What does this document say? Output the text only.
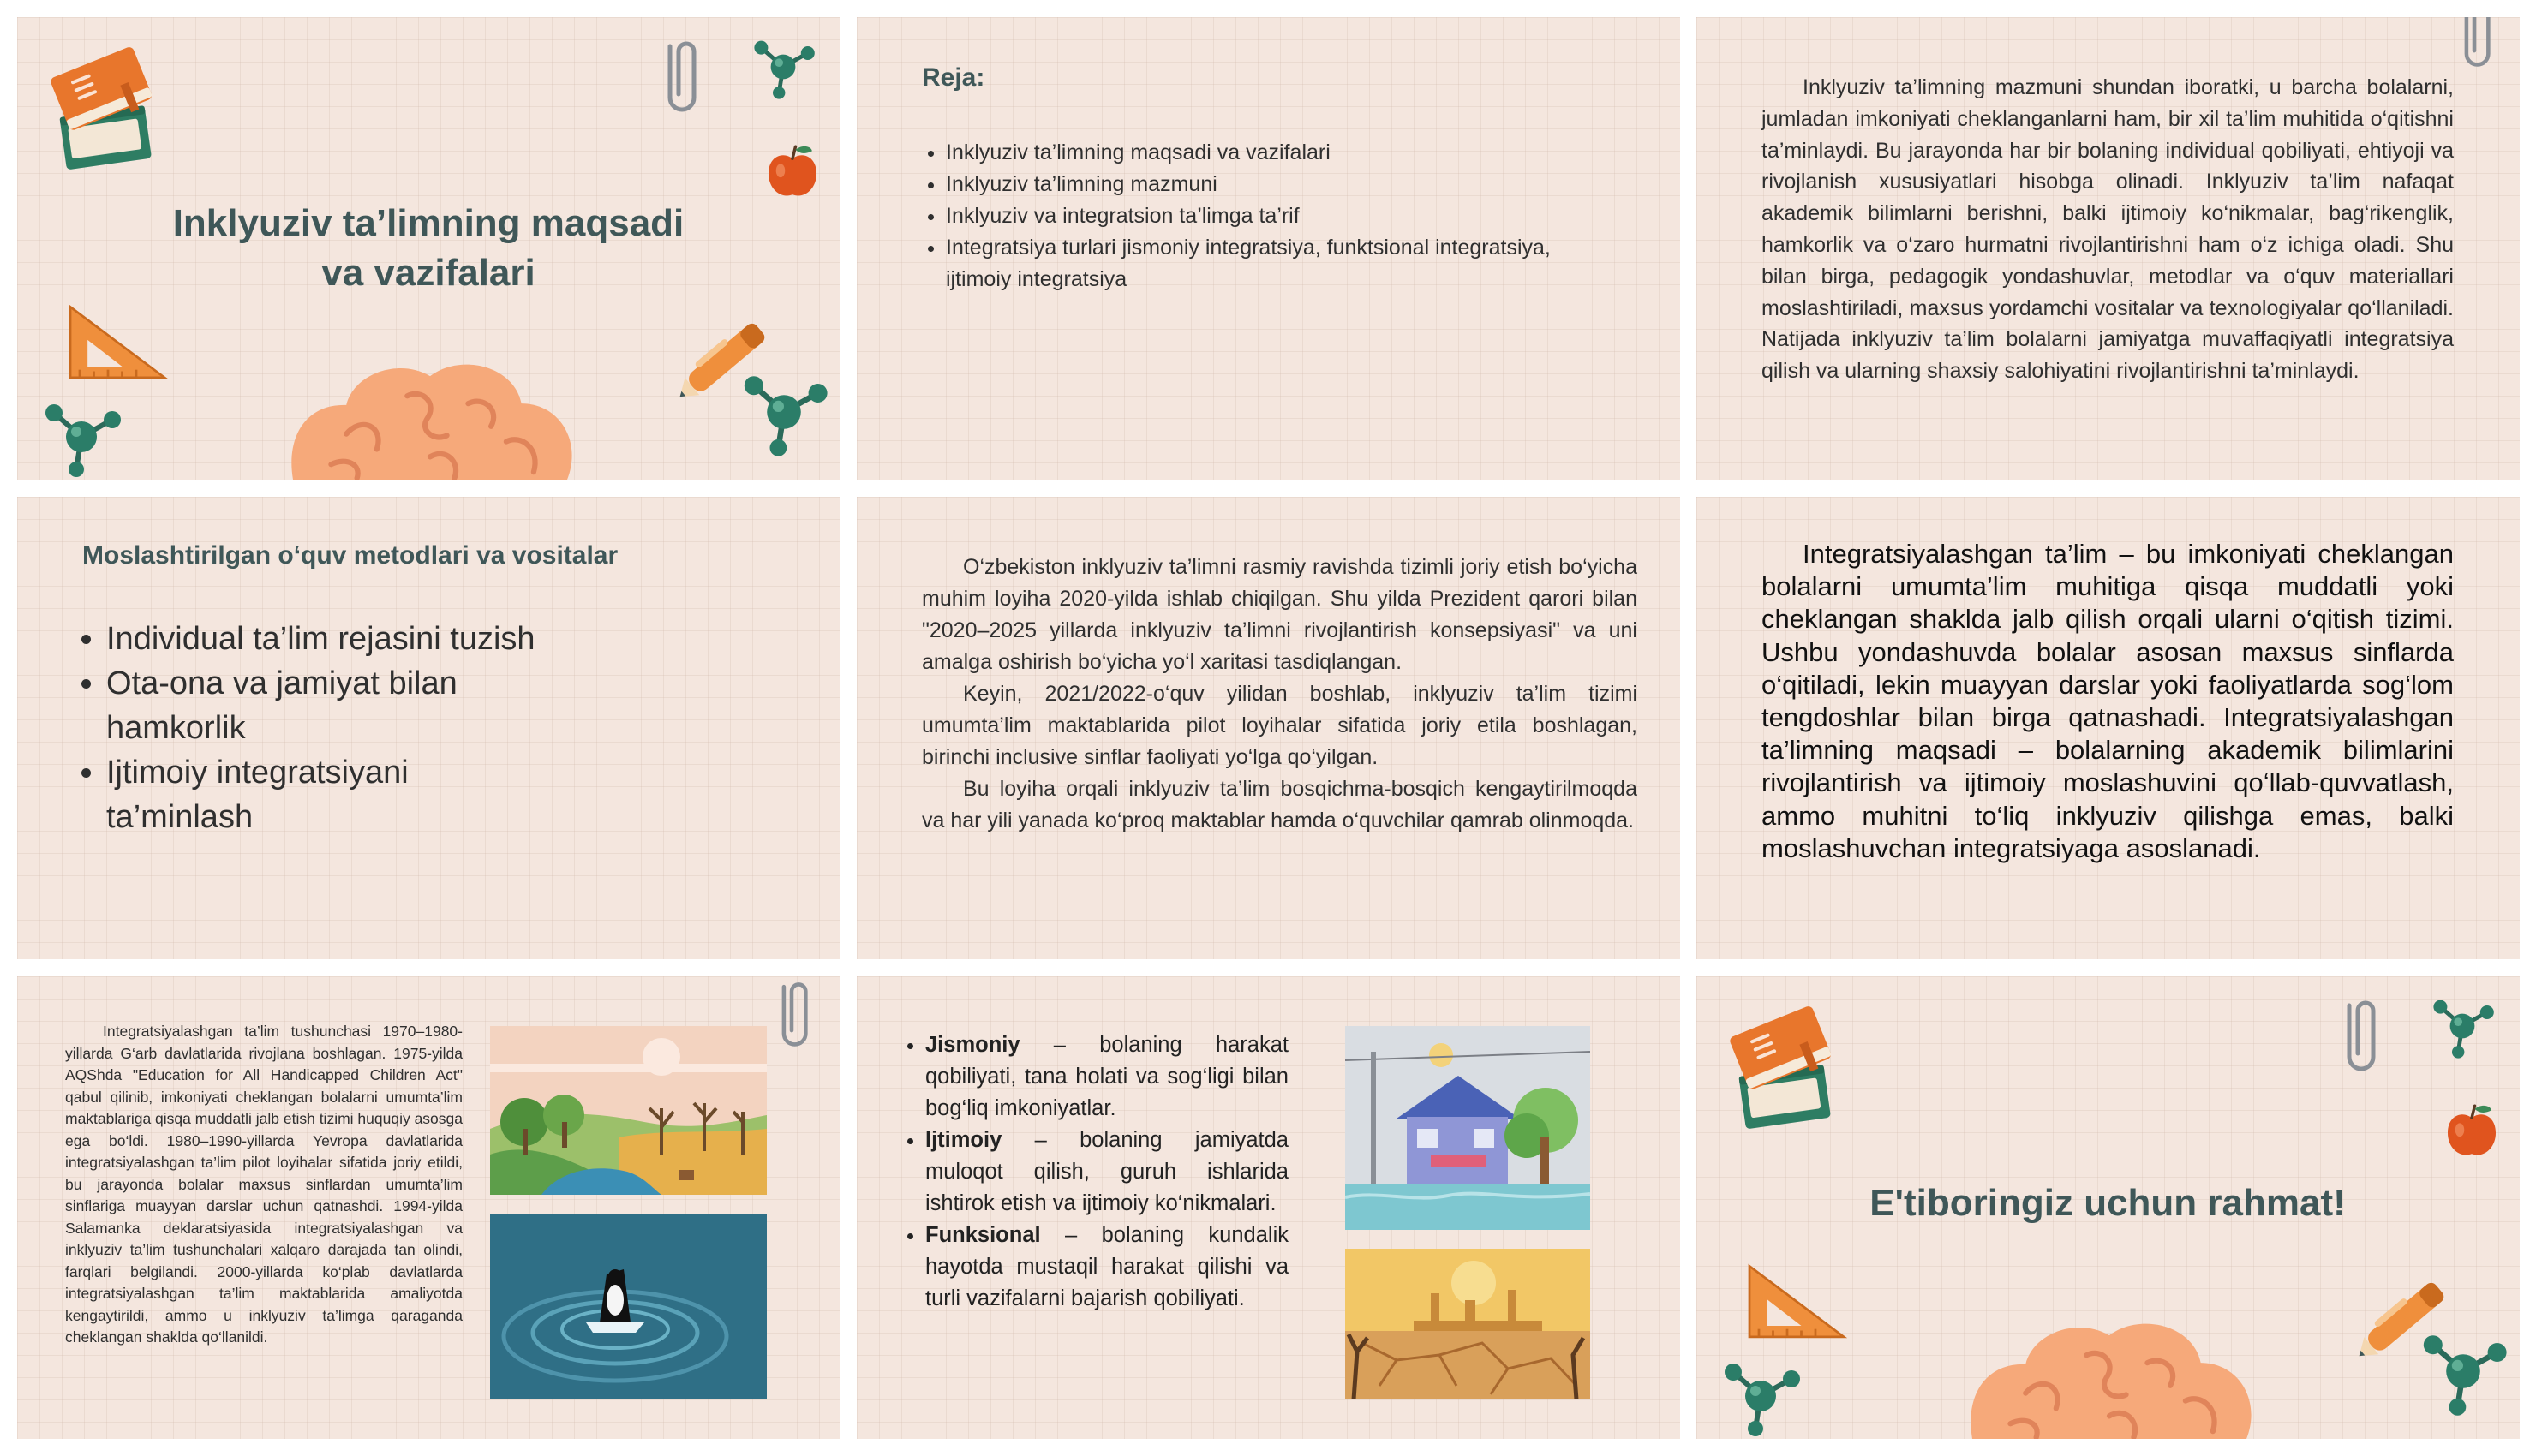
Inklyuziv ta’limning maqsadi
va vazifalari
Reja:
• Inklyuziv ta’limning maqsadi va vazifalari
• Inklyuziv ta’limning mazmuni
• Inklyuziv va integratsion ta’limga ta’rif
• Integratsiya turlari jismoniy integratsiya, funktsional integratsiya, ijtimoiy integratsiya

Inklyuziv ta’limning mazmuni shundan iboratki, u barcha bolalarni, jumladan imkoniyati cheklanganlarni ham, bir xil ta’lim muhitida o‘qitishni ta’minlaydi. Bu jarayonda har bir bolaning individual qobiliyati, ehtiyoji va rivojlanish xususiyatlari hisobga olinadi. Inklyuziv ta’lim nafaqat akademik bilimlarni berishni, balki ijtimoiy ko‘nikmalar, bag‘rikenglik, hamkorlik va o‘zaro hurmatni rivojlantirishni ham o‘z ichiga oladi. Shu bilan birga, pedagogik yondashuvlar, metodlar va o‘quv materiallari moslashtiriladi, maxsus yordamchi vositalar va texnologiyalar qo‘llaniladi. Natijada inklyuziv ta’lim bolalarni jamiyatga muvaffaqiyatli integratsiya qilish va ularning shaxsiy salohiyatini rivojlantirishni ta’minlaydi.

Moslashtirilgan o‘quv metodlari va vositalar
• Individual ta’lim rejasini tuzish
• Ota-ona va jamiyat bilan hamkorlik
• Ijtimoiy integratsiyani ta’minlash

O‘zbekiston inklyuziv ta’limni rasmiy ravishda tizimli joriy etish bo‘yicha muhim loyiha 2020-yilda ishlab chiqilgan. Shu yilda Prezident qarori bilan "2020–2025 yillarda inklyuziv ta’limni rivojlantirish konsepsiyasi" va uni amalga oshirish bo‘yicha yo‘l xaritasi tasdiqlangan.

Keyin, 2021/2022-o‘quv yilidan boshlab, inklyuziv ta’lim tizimi umumta’lim maktablarida pilot loyihalar sifatida joriy etila boshlagan, birinchi inclusive sinflar faoliyati yo‘lga qo‘yilgan.

Bu loyiha orqali inklyuziv ta’lim bosqichma-bosqich kengaytirilmoqda va har yili yanada ko‘proq maktablar hamda o‘quvchilar qamrab olinmoqda.

Integratsiyalashgan ta’lim – bu imkoniyati cheklangan bolalarni umumta’lim muhitiga qisqa muddatli yoki cheklangan shaklda jalb qilish orqali ularni o‘qitish tizimi. Ushbu yondashuvda bolalar asosan maxsus sinflarda o‘qitiladi, lekin muayyan darslar yoki faoliyatlarda sog‘lom tengdoshlar bilan birga qatnashadi. Integratsiyalashgan ta’limning maqsadi – bolalarning akademik bilimlarini rivojlantirish va ijtimoiy moslashuvini qo‘llab-quvvatlash, ammo muhitni to‘liq inklyuziv qilishga emas, balki moslashuvchan integratsiyaga asoslanadi.

Integratsiyalashgan ta’lim tushunchasi 1970–1980-yillarda G‘arb davlatlarida rivojlana boshlagan. 1975-yilda AQShda "Education for All Handicapped Children Act" qabul qilinib, imkoniyati cheklangan bolalarni umumta’lim maktablariga qisqa muddatli jalb etish tizimi huquqiy asosga ega bo‘ldi. 1980–1990-yillarda Yevropa davlatlarida integratsiyalashgan ta’lim pilot loyihalar sifatida joriy etildi, bu jarayonda bolalar maxsus sinflardan umumta’lim sinflariga muayyan darslar uchun qatnashdi. 1994-yilda Salamanka deklaratsiyasida integratsiyalashgan va inklyuziv ta’lim tushunchalari xalqaro darajada tan olindi, farqlari belgilandi. 2000-yillarda ko‘plab davlatlarda integratsiyalashgan ta’lim maktablarida amaliyotda kengaytirildi, ammo u inklyuziv ta’limga qaraganda cheklangan shaklda qo‘llanildi.

• Jismoniy – bolaning harakat qobiliyati, tana holati va sog‘ligi bilan bog‘liq imkoniyatlar.
• Ijtimoiy – bolaning jamiyatda muloqot qilish, guruh ishlarida ishtirok etish va ijtimoiy ko‘nikmalari.
• Funksional – bolaning kundalik hayotda mustaqil harakat qilishi va turli vazifalarni bajarish qobiliyati.
E'tiboringiz uchun rahmat!
